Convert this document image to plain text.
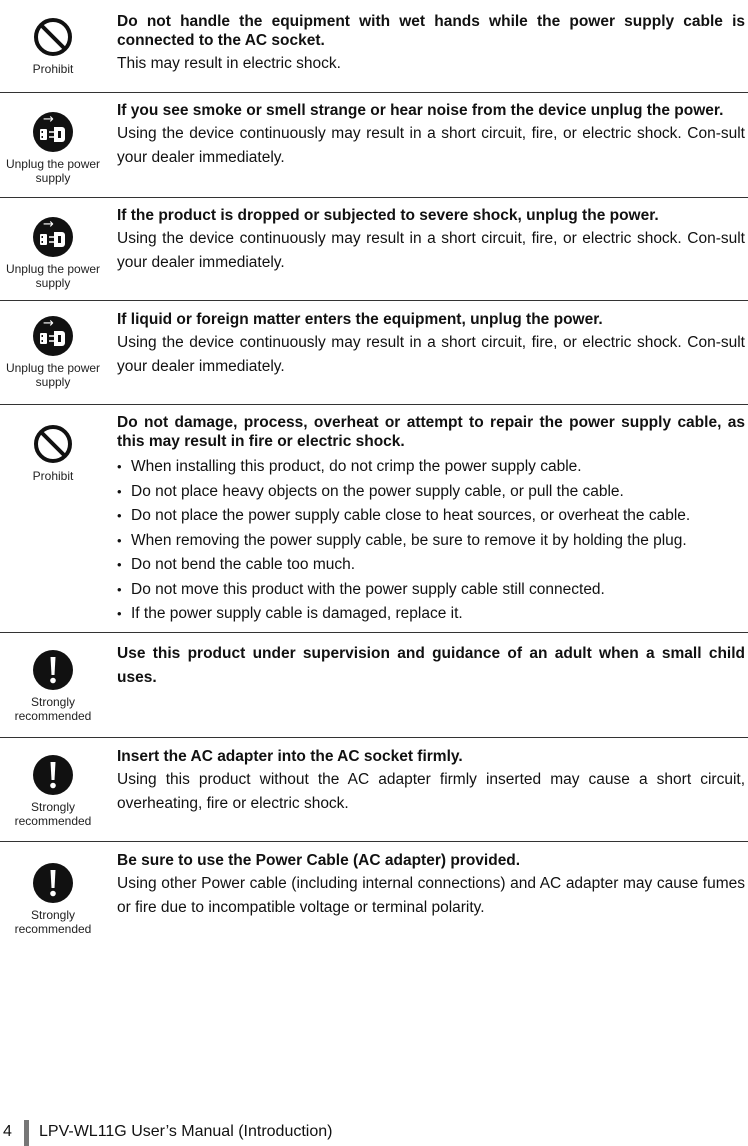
Prohibit

Do not handle the equipment with wet hands while the power supply cable is connected to the AC socket.

This may result in electric shock.

→
Unplug the power supply

If you see smoke or smell strange or hear noise from the device unplug the power.

Using the device continuously may result in a short circuit, fire, or electric shock. Con-sult your dealer immediately.

→
Unplug the power supply

If the product is dropped or subjected to severe shock, unplug the power.

Using the device continuously may result in a short circuit, fire, or electric shock. Con-sult your dealer immediately.

→
Unplug the power supply

If liquid or foreign matter enters the equipment, unplug the power.

Using the device continuously may result in a short circuit, fire, or electric shock. Con-sult your dealer immediately.

Prohibit

Do not damage, process, overheat or attempt to repair the power supply cable, as this may result in fire or electric shock.

• When installing this product, do not crimp the power supply cable.
• Do not place heavy objects on the power supply cable, or pull the cable.
• Do not place the power supply cable close to heat sources, or overheat the cable.
• When removing the power supply cable, be sure to remove it by holding the plug.
• Do not bend the cable too much.
• Do not move this product with the power supply cable still connected.
• If the power supply cable is damaged, replace it.
Strongly recommended

Use this product under supervision and guidance of an adult when a small child uses.

Strongly recommended

Insert the AC adapter into the AC socket firmly.

Using this product without the AC adapter firmly inserted may cause a short circuit, overheating, fire or electric shock.

Strongly recommended

Be sure to use the Power Cable (AC adapter) provided.

Using other Power cable (including internal connections) and AC adapter may cause fumes or fire due to incompatible voltage or terminal polarity.

4 LPV-WL11G User’s Manual (Introduction)
